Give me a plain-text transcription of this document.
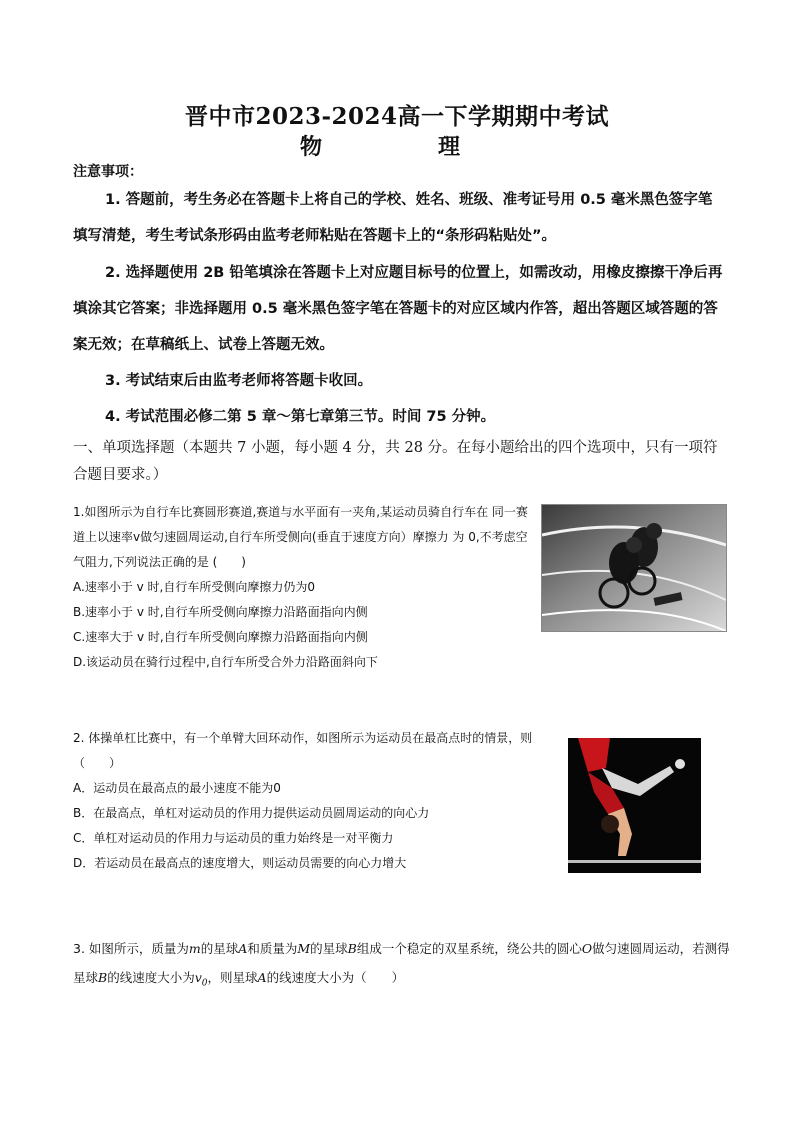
晋中市2023-2024高一下学期期中考试
物	理
注意事项：
1. 答题前，考生务必在答题卡上将自己的学校、姓名、班级、准考证号用 0.5 毫米黑色签字笔填写清楚，考生考试条形码由监考老师粘贴在答题卡上的“条形码粘贴处”。
2. 选择题使用 2B 铅笔填涂在答题卡上对应题目标号的位置上，如需改动，用橡皮擦擦干净后再填涂其它答案；非选择题用 0.5 毫米黑色签字笔在答题卡的对应区域内作答，超出答题区域答题的答案无效；在草稿纸上、试卷上答题无效。
3. 考试结束后由监考老师将答题卡收回。
4. 考试范围必修二第 5 章～第七章第三节。时间 75 分钟。
一、单项选择题（本题共 7 小题，每小题 4 分，共 28 分。在每小题给出的四个选项中，只有一项符合题目要求。）

1.如图所示为自行车比赛圆形赛道,赛道与水平面有一夹角,某运动员骑自行车在 同一赛道上以速率v做匀速圆周运动,自行车所受侧向(垂直于速度方向）摩擦力 为 0,不考虑空气阻力,下列说法正确的是 (　　)

A.速率小于 v 时,自行车所受侧向摩擦力仍为0

B.速率小于 v 时,自行车所受侧向摩擦力沿路面指向内侧

C.速率大于 v 时,自行车所受侧向摩擦力沿路面指向内侧

D.该运动员在骑行过程中,自行车所受合外力沿路面斜向下

2. 体操单杠比赛中，有一个单臂大回环动作，如图所示为运动员在最高点时的情景，则（　　）

A．运动员在最高点的最小速度不能为0

B．在最高点，单杠对运动员的作用力提供运动员圆周运动的向心力

C．单杠对运动员的作用力与运动员的重力始终是一对平衡力

D．若运动员在最高点的速度增大，则运动员需要的向心力增大

3. 如图所示，质量为m的星球A和质量为M的星球B组成一个稳定的双星系统，绕公共的圆心O做匀速圆周运动，若测得星球B的线速度大小为$v_0$，则星球A的线速度大小为（　　）
